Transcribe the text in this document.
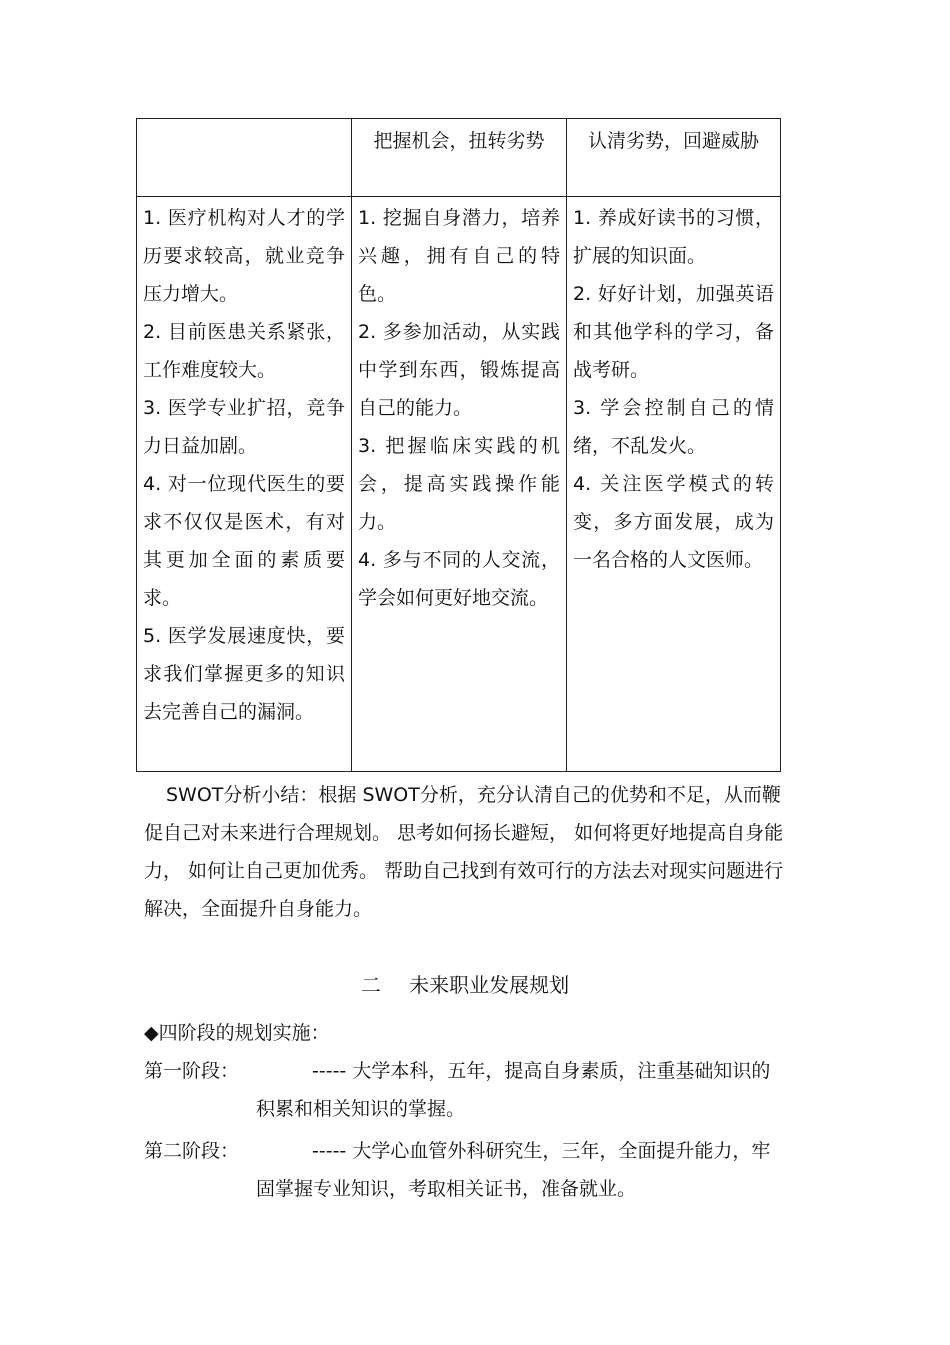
	把握机会，扭转劣势	认清劣势，回避威胁

1. 医疗机构对人才的学历要求较高，就业竞争压力增大。
2. 目前医患关系紧张，工作难度较大。
3. 医学专业扩招，竞争力日益加剧。
4. 对一位现代医生的要求不仅仅是医术，有对其更加全面的素质要求。
5. 医学发展速度快，要求我们掌握更多的知识去完善自己的漏洞。	1. 挖掘自身潜力，培养兴趣，拥有自己的特色。
2. 多参加活动，从实践中学到东西，锻炼提高自己的能力。
3. 把握临床实践的机会，提高实践操作能力。
4. 多与不同的人交流，学会如何更好地交流。	1. 养成好读书的习惯，扩展的知识面。
2. 好好计划，加强英语和其他学科的学习，备战考研。
3. 学会控制自己的情绪，不乱发火。
4. 关注医学模式的转变，多方面发展，成为一名合格的人文医师。
SWOT分析小结：根据 SWOT分析，充分认清自己的优势和不足，从而鞭促自己对未来进行合理规划。 思考如何扬长避短， 如何将更好地提高自身能力， 如何让自己更加优秀。 帮助自己找到有效可行的方法去对现实问题进行解决，全面提升自身能力。
二 未来职业发展规划
◆四阶段的规划实施：
第一阶段：	----- 大学本科，五年，提高自身素质，注重基础知识的积累和相关知识的掌握。
第二阶段：	----- 大学心血管外科研究生，三年，全面提升能力，牢固掌握专业知识，考取相关证书，准备就业。
